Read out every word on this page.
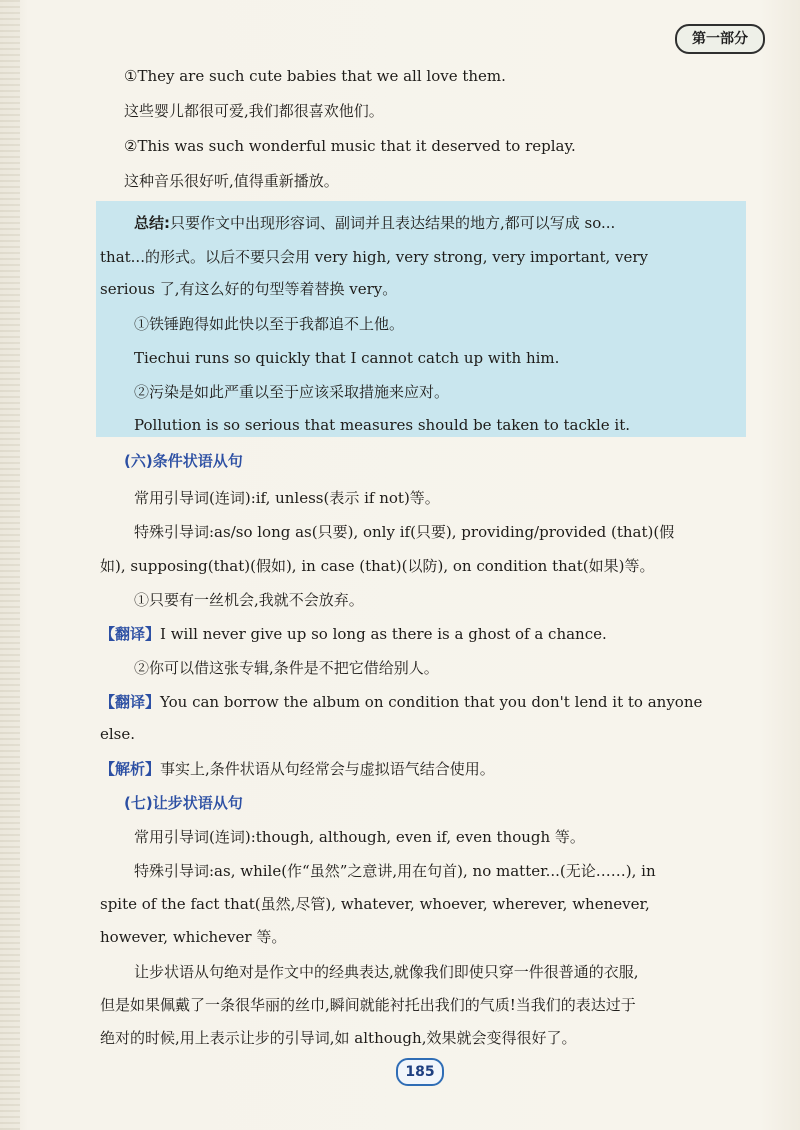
第一部分
①They are such cute babies that we all love them.
这些婴儿都很可爱,我们都很喜欢他们。
②This was such wonderful music that it deserved to replay.
这种音乐很好听,值得重新播放。
总结:只要作文中出现形容词、副词并且表达结果的地方,都可以写成 so...
that...的形式。以后不要只会用 very high, very strong, very important, very
serious 了,有这么好的句型等着替换 very。
①铁锤跑得如此快以至于我都追不上他。
Tiechui runs so quickly that I cannot catch up with him.
②污染是如此严重以至于应该采取措施来应对。
Pollution is so serious that measures should be taken to tackle it.
(六)条件状语从句
常用引导词(连词):if, unless(表示 if not)等。
特殊引导词:as/so long as(只要), only if(只要), providing/provided (that)(假
如), supposing(that)(假如), in case (that)(以防), on condition that(如果)等。
①只要有一丝机会,我就不会放弃。
【翻译】I will never give up so long as there is a ghost of a chance.
②你可以借这张专辑,条件是不把它借给别人。
【翻译】You can borrow the album on condition that you don't lend it to anyone
else.
【解析】事实上,条件状语从句经常会与虚拟语气结合使用。
(七)让步状语从句
常用引导词(连词):though, although, even if, even though 等。
特殊引导词:as, while(作“虽然”之意讲,用在句首), no matter...(无论……), in
spite of the fact that(虽然,尽管), whatever, whoever, wherever, whenever,
however, whichever 等。
让步状语从句绝对是作文中的经典表达,就像我们即使只穿一件很普通的衣服,
但是如果佩戴了一条很华丽的丝巾,瞬间就能衬托出我们的气质!当我们的表达过于
绝对的时候,用上表示让步的引导词,如 although,效果就会变得很好了。
185
